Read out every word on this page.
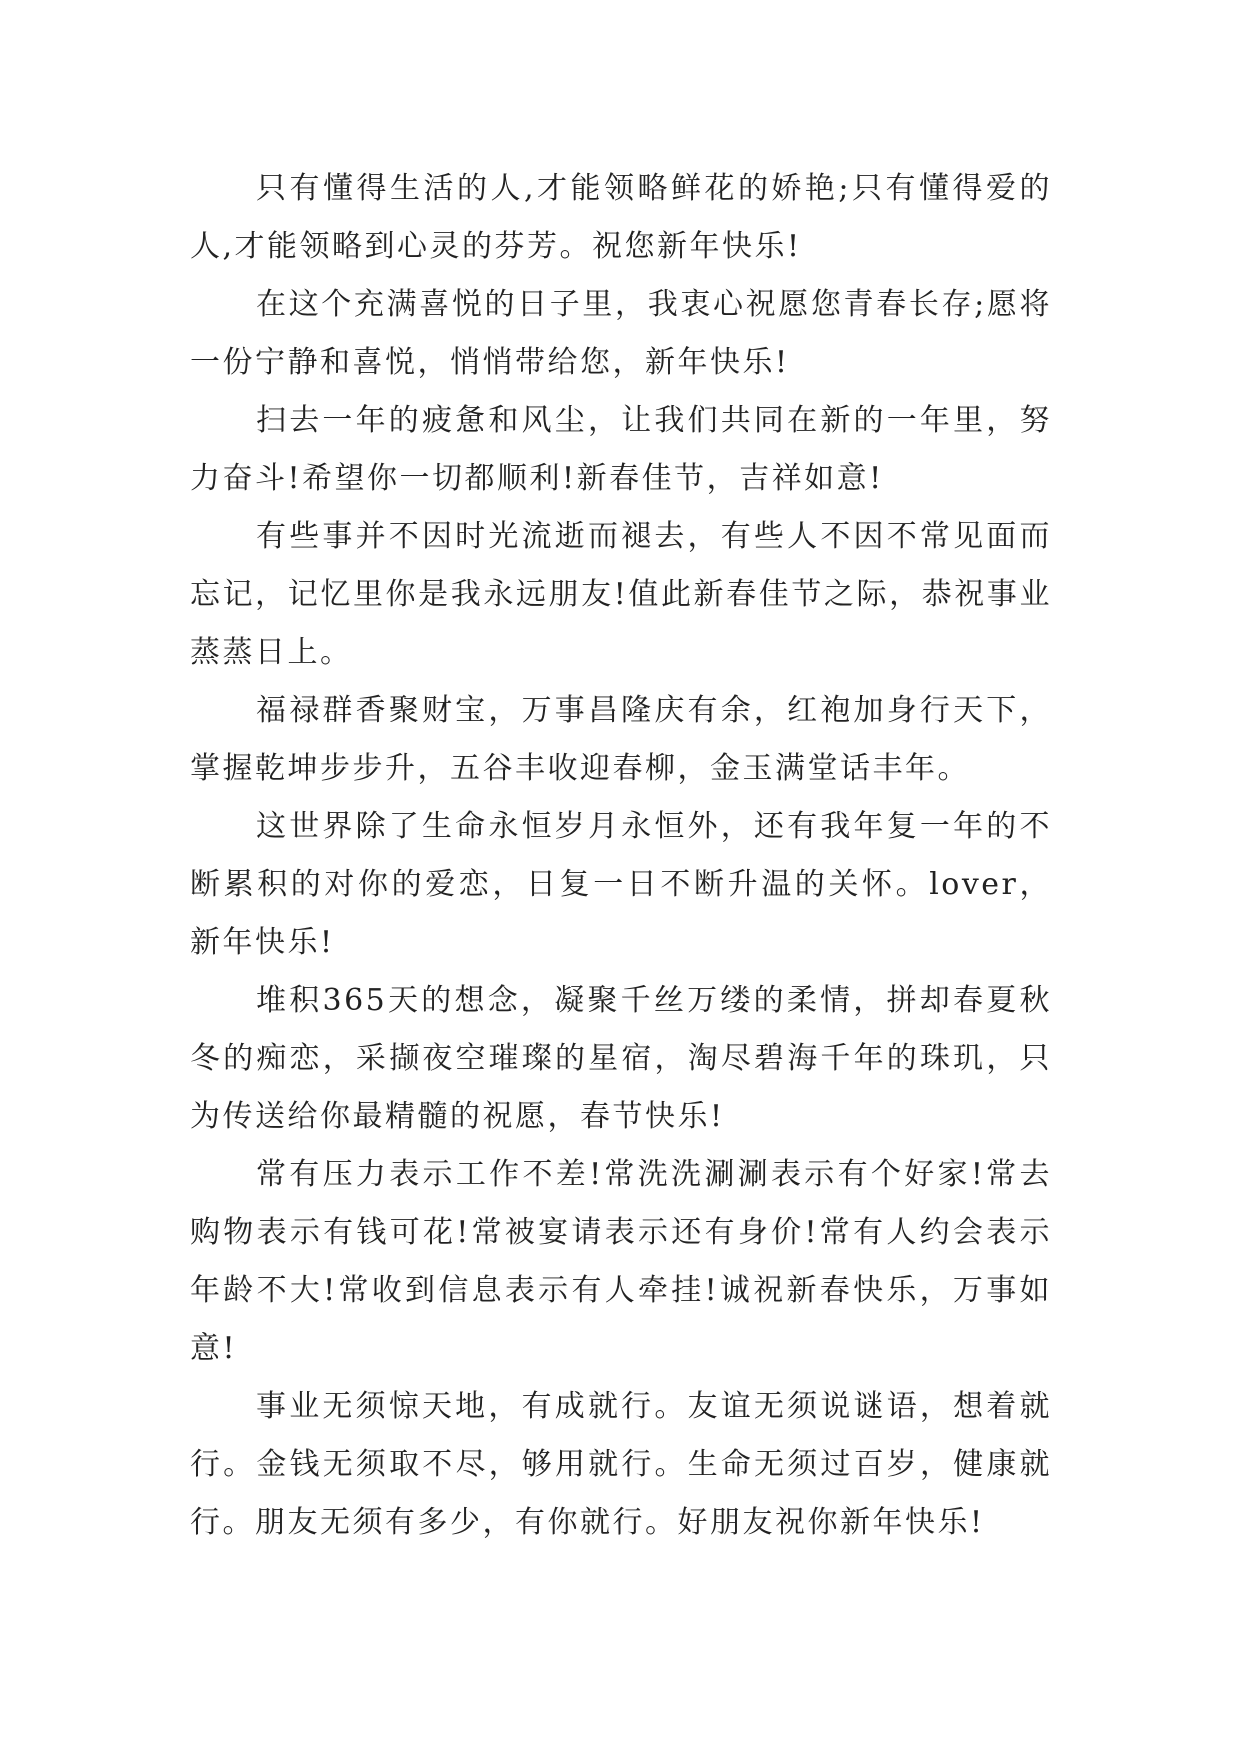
只有懂得生活的人,才能领略鲜花的娇艳;只有懂得爱的人,才能领略到心灵的芬芳。祝您新年快乐!

在这个充满喜悦的日子里，我衷心祝愿您青春长存;愿将一份宁静和喜悦，悄悄带给您，新年快乐!

扫去一年的疲惫和风尘，让我们共同在新的一年里，努力奋斗!希望你一切都顺利!新春佳节，吉祥如意!

有些事并不因时光流逝而褪去，有些人不因不常见面而忘记，记忆里你是我永远朋友!值此新春佳节之际，恭祝事业蒸蒸日上。

福禄群香聚财宝，万事昌隆庆有余，红袍加身行天下，掌握乾坤步步升，五谷丰收迎春柳，金玉满堂话丰年。

这世界除了生命永恒岁月永恒外，还有我年复一年的不断累积的对你的爱恋，日复一日不断升温的关怀。lover，新年快乐!

堆积365天的想念，凝聚千丝万缕的柔情，拼却春夏秋冬的痴恋，采撷夜空璀璨的星宿，淘尽碧海千年的珠玑，只为传送给你最精髓的祝愿，春节快乐!

常有压力表示工作不差!常洗洗涮涮表示有个好家!常去购物表示有钱可花!常被宴请表示还有身价!常有人约会表示年龄不大!常收到信息表示有人牵挂!诚祝新春快乐，万事如意!

事业无须惊天地，有成就行。友谊无须说谜语，想着就行。金钱无须取不尽，够用就行。生命无须过百岁，健康就行。朋友无须有多少，有你就行。好朋友祝你新年快乐!
